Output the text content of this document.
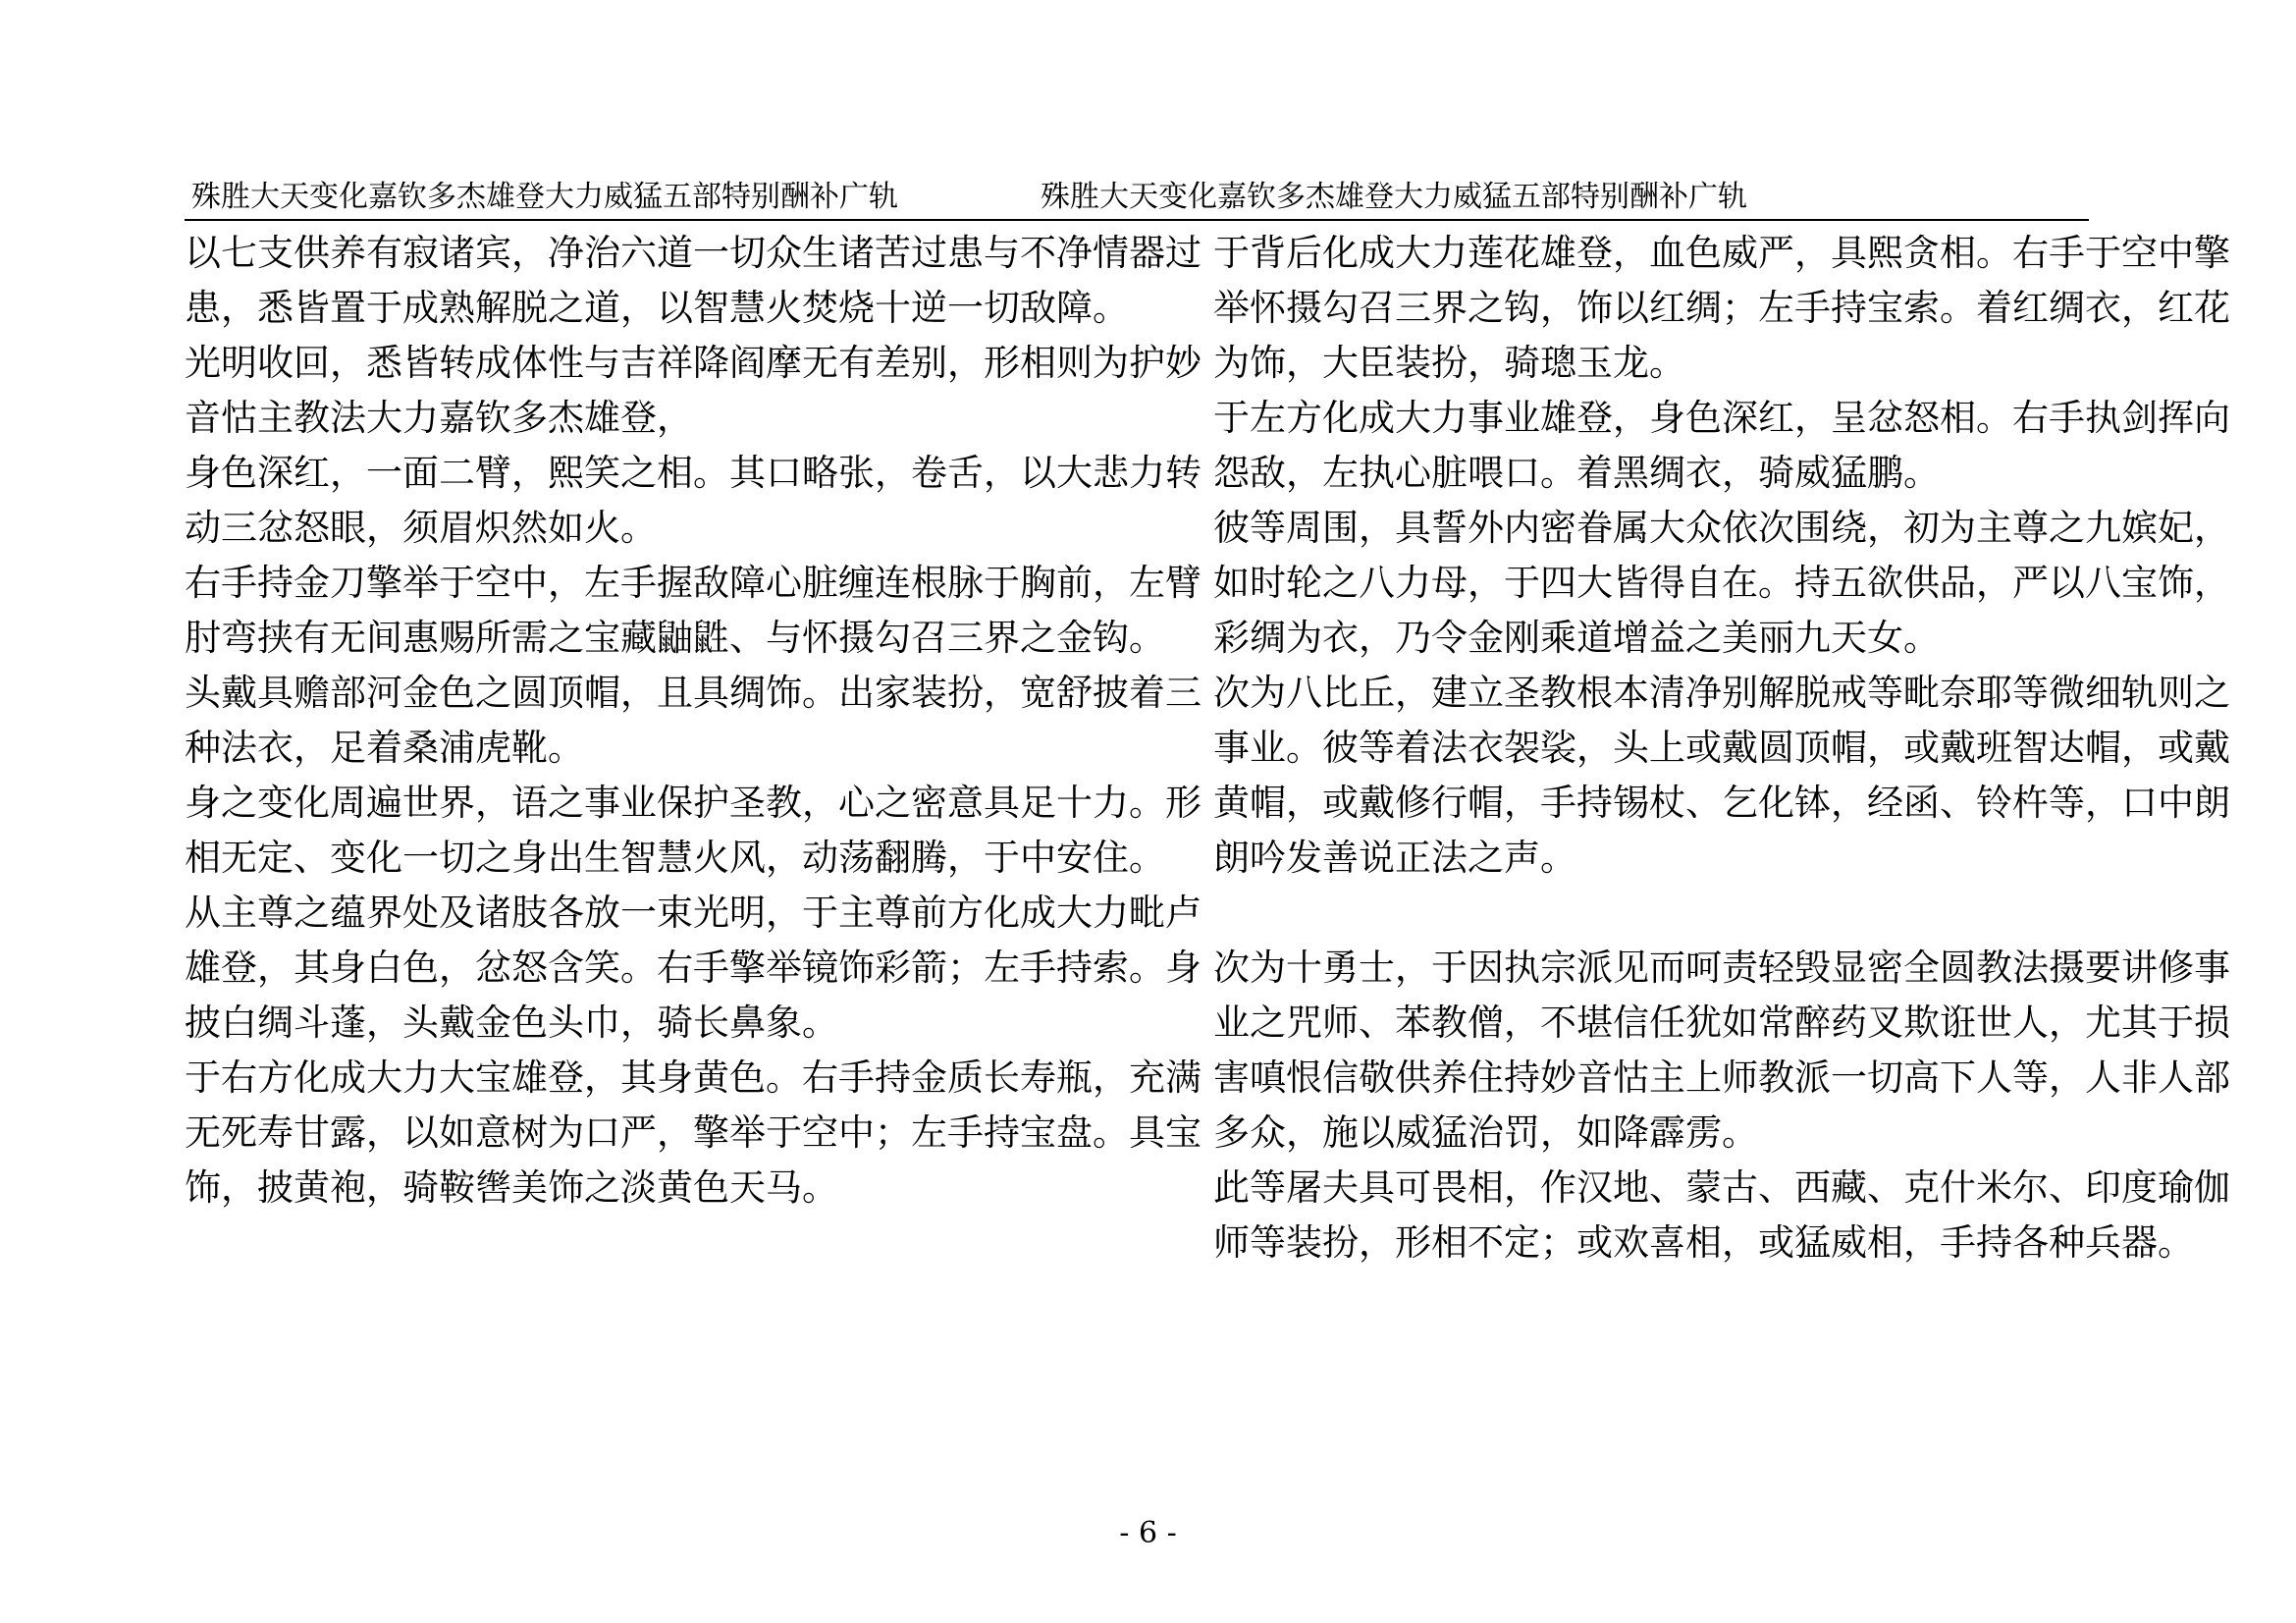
殊胜大天变化嘉钦多杰雄登大力威猛五部特别酬补广轨	殊胜大天变化嘉钦多杰雄登大力威猛五部特别酬补广轨

以七支供养有寂诸宾，净治六道一切众生诸苦过患与不净情器过患，悉皆置于成熟解脱之道，以智慧火焚烧十逆一切敌障。

光明收回，悉皆转成体性与吉祥降阎摩无有差别，形相则为护妙音怙主教法大力嘉钦多杰雄登，

身色深红，一面二臂，熙笑之相。其口略张，卷舌，以大悲力转动三忿怒眼，须眉炽然如火。

右手持金刀擎举于空中，左手握敌障心脏缠连根脉于胸前，左臂肘弯挟有无间惠赐所需之宝藏鼬鼪、与怀摄勾召三界之金钩。

头戴具赡部河金色之圆顶帽，且具绸饰。出家装扮，宽舒披着三种法衣，足着桑浦虎靴。

身之变化周遍世界，语之事业保护圣教，心之密意具足十力。形相无定、变化一切之身出生智慧火风，动荡翻腾，于中安住。

从主尊之蕴界处及诸肢各放一束光明，于主尊前方化成大力毗卢雄登，其身白色，忿怒含笑。右手擎举镜饰彩箭；左手持索。身披白绸斗蓬，头戴金色头巾，骑长鼻象。

于右方化成大力大宝雄登，其身黄色。右手持金质长寿瓶，充满无死寿甘露，以如意树为口严，擎举于空中；左手持宝盘。具宝饰，披黄袍，骑鞍辔美饰之淡黄色天马。

于背后化成大力莲花雄登，血色威严，具熙贪相。右手于空中擎举怀摄勾召三界之钩，饰以红绸；左手持宝索。着红绸衣，红花为饰，大臣装扮，骑璁玉龙。

于左方化成大力事业雄登，身色深红，呈忿怒相。右手执剑挥向怨敌，左执心脏喂口。着黑绸衣，骑威猛鹏。

彼等周围，具誓外内密眷属大众依次围绕，初为主尊之九嫔妃，如时轮之八力母，于四大皆得自在。持五欲供品，严以八宝饰，彩绸为衣，乃令金刚乘道增益之美丽九天女。

次为八比丘，建立圣教根本清净别解脱戒等毗奈耶等微细轨则之事业。彼等着法衣袈裟，头上或戴圆顶帽，或戴班智达帽，或戴黄帽，或戴修行帽，手持锡杖、乞化钵，经函、铃杵等，口中朗朗吟发善说正法之声。

次为十勇士，于因执宗派见而呵责轻毁显密全圆教法摄要讲修事业之咒师、苯教僧，不堪信任犹如常醉药叉欺诳世人，尤其于损害嗔恨信敬供养住持妙音怙主上师教派一切高下人等，人非人部多众，施以威猛治罚，如降霹雳。

此等屠夫具可畏相，作汉地、蒙古、西藏、克什米尔、印度瑜伽师等装扮，形相不定；或欢喜相，或猛威相，手持各种兵器。

- 6 -
